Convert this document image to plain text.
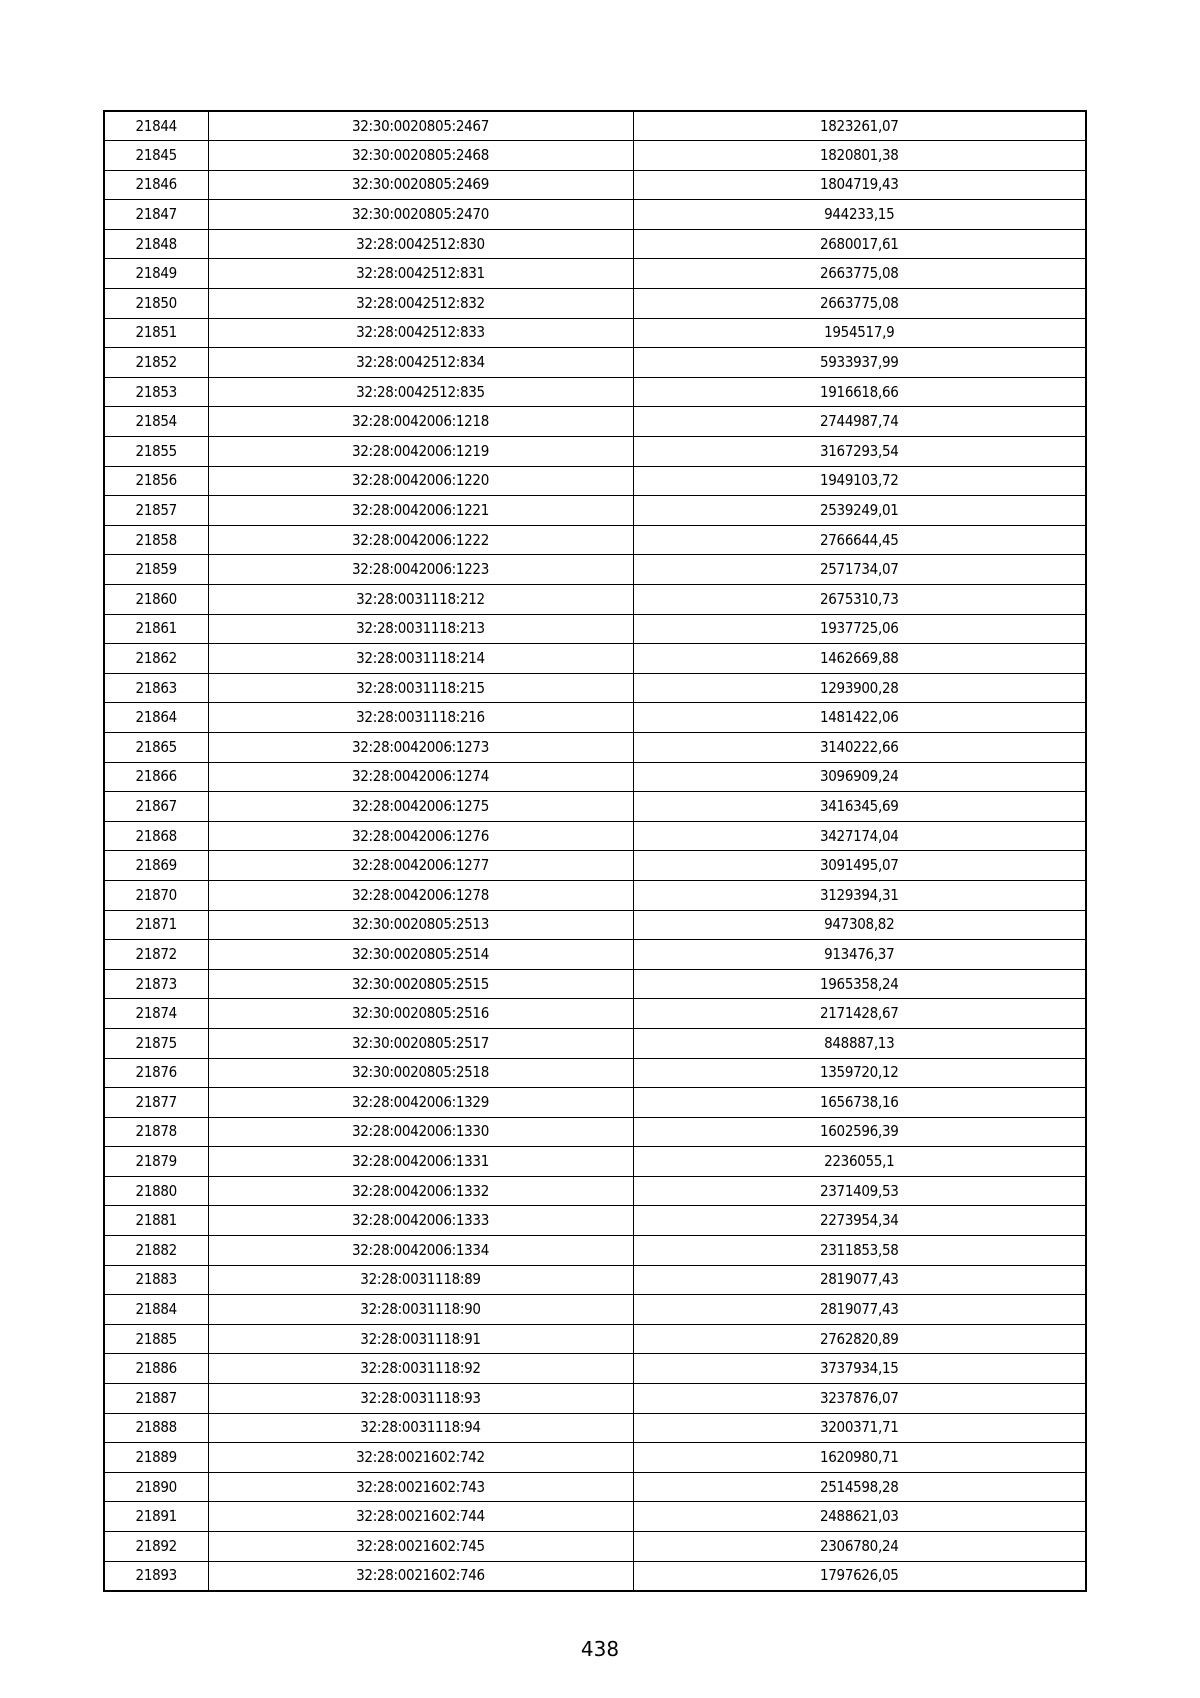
21844	32:30:0020805:2467	1823261,07
21845	32:30:0020805:2468	1820801,38
21846	32:30:0020805:2469	1804719,43
21847	32:30:0020805:2470	944233,15
21848	32:28:0042512:830	2680017,61
21849	32:28:0042512:831	2663775,08
21850	32:28:0042512:832	2663775,08
21851	32:28:0042512:833	1954517,9
21852	32:28:0042512:834	5933937,99
21853	32:28:0042512:835	1916618,66
21854	32:28:0042006:1218	2744987,74
21855	32:28:0042006:1219	3167293,54
21856	32:28:0042006:1220	1949103,72
21857	32:28:0042006:1221	2539249,01
21858	32:28:0042006:1222	2766644,45
21859	32:28:0042006:1223	2571734,07
21860	32:28:0031118:212	2675310,73
21861	32:28:0031118:213	1937725,06
21862	32:28:0031118:214	1462669,88
21863	32:28:0031118:215	1293900,28
21864	32:28:0031118:216	1481422,06
21865	32:28:0042006:1273	3140222,66
21866	32:28:0042006:1274	3096909,24
21867	32:28:0042006:1275	3416345,69
21868	32:28:0042006:1276	3427174,04
21869	32:28:0042006:1277	3091495,07
21870	32:28:0042006:1278	3129394,31
21871	32:30:0020805:2513	947308,82
21872	32:30:0020805:2514	913476,37
21873	32:30:0020805:2515	1965358,24
21874	32:30:0020805:2516	2171428,67
21875	32:30:0020805:2517	848887,13
21876	32:30:0020805:2518	1359720,12
21877	32:28:0042006:1329	1656738,16
21878	32:28:0042006:1330	1602596,39
21879	32:28:0042006:1331	2236055,1
21880	32:28:0042006:1332	2371409,53
21881	32:28:0042006:1333	2273954,34
21882	32:28:0042006:1334	2311853,58
21883	32:28:0031118:89	2819077,43
21884	32:28:0031118:90	2819077,43
21885	32:28:0031118:91	2762820,89
21886	32:28:0031118:92	3737934,15
21887	32:28:0031118:93	3237876,07
21888	32:28:0031118:94	3200371,71
21889	32:28:0021602:742	1620980,71
21890	32:28:0021602:743	2514598,28
21891	32:28:0021602:744	2488621,03
21892	32:28:0021602:745	2306780,24
21893	32:28:0021602:746	1797626,05
438
